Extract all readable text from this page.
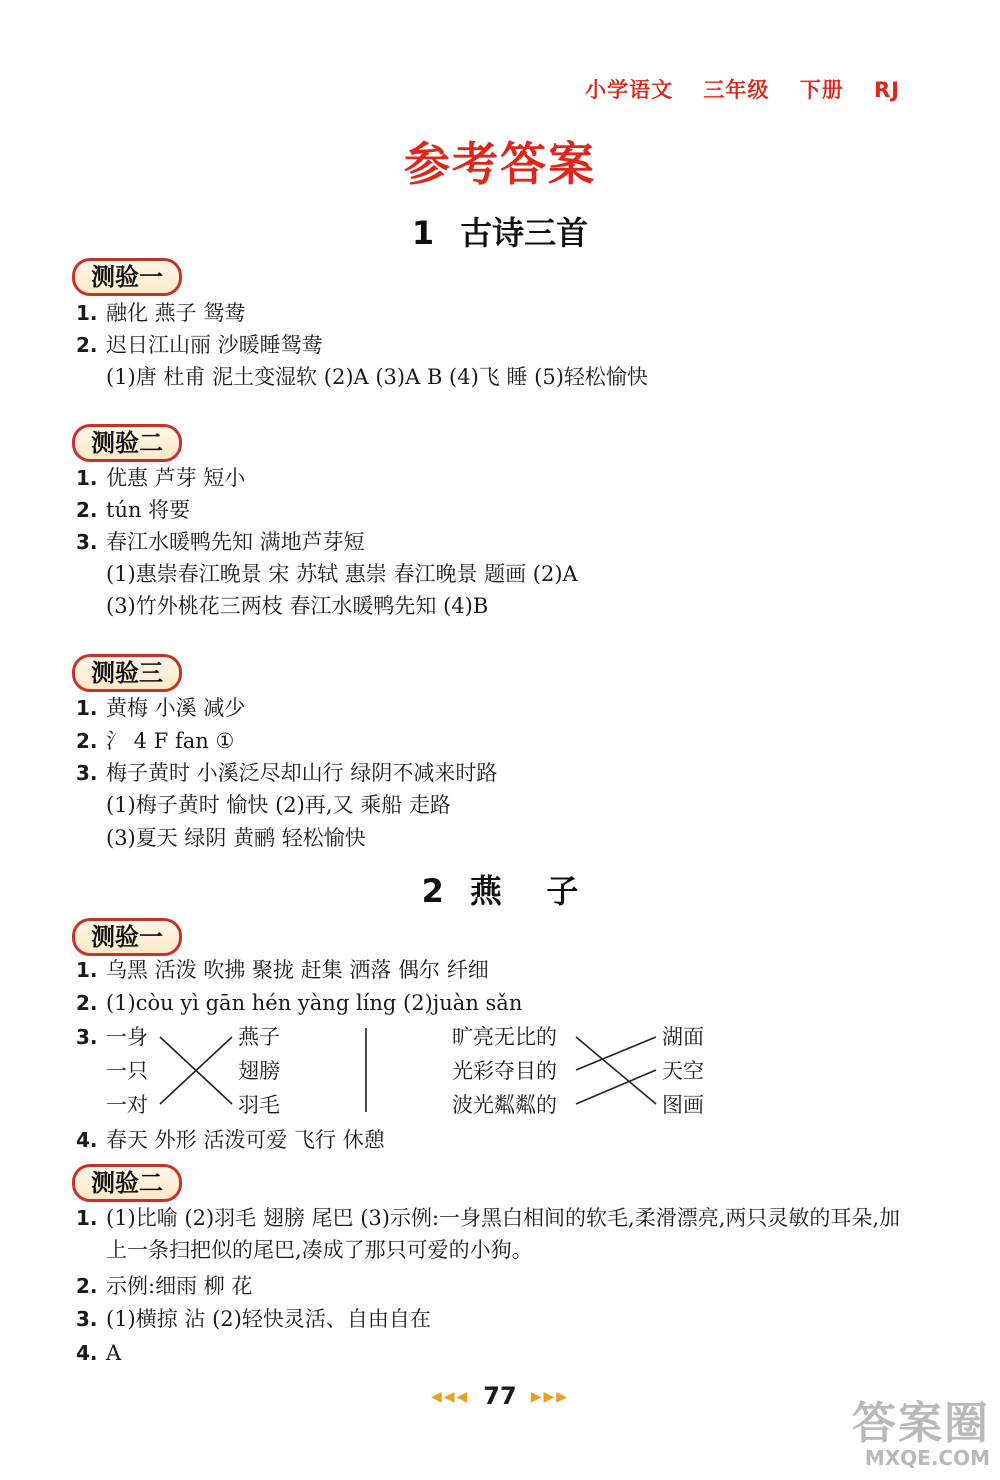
小学语文 三年级 下册 RJ
参考答案
1 古诗三首
测验一
1. 融化 燕子 鸳鸯
2. 迟日江山丽 沙暖睡鸳鸯
(1)唐 杜甫 泥土变湿软 (2)A (3)A B (4)飞 睡 (5)轻松愉快
测验二
1. 优惠 芦芽 短小
2. tún 将要
3. 春江水暖鸭先知 满地芦芽短
(1)惠崇春江晚景 宋 苏轼 惠崇 春江晚景 题画 (2)A
(3)竹外桃花三两枝 春江水暖鸭先知 (4)B
测验三
1. 黄梅 小溪 减少
2. 氵 4 F fan ①
3. 梅子黄时 小溪泛尽却山行 绿阴不减来时路
(1)梅子黄时 愉快 (2)再,又 乘船 走路
(3)夏天 绿阴 黄鹂 轻松愉快
2 燕    子
测验一
1. 乌黑 活泼 吹拂 聚拢 赶集 洒落 偶尔 纤细
2. (1)còu yì gān hén yàng líng (2)juàn sǎn
3. 一身
一只
一对
燕子
翅膀
羽毛
旷亮无比的
光彩夺目的
波光粼粼的
湖面
天空
图画
4. 春天 外形 活泼可爱 飞行 休憩
测验二
1. (1)比喻 (2)羽毛 翅膀 尾巴 (3)示例:一身黑白相间的软毛,柔滑漂亮,两只灵敏的耳朵,加上一条扫把似的尾巴,凑成了那只可爱的小狗。
2. 示例:细雨 柳 花
3. (1)横掠 沾 (2)轻快灵活、自由自在
4. A
◀◀◀ 77 ▶▶▶
答案圈
MXQE.COM
